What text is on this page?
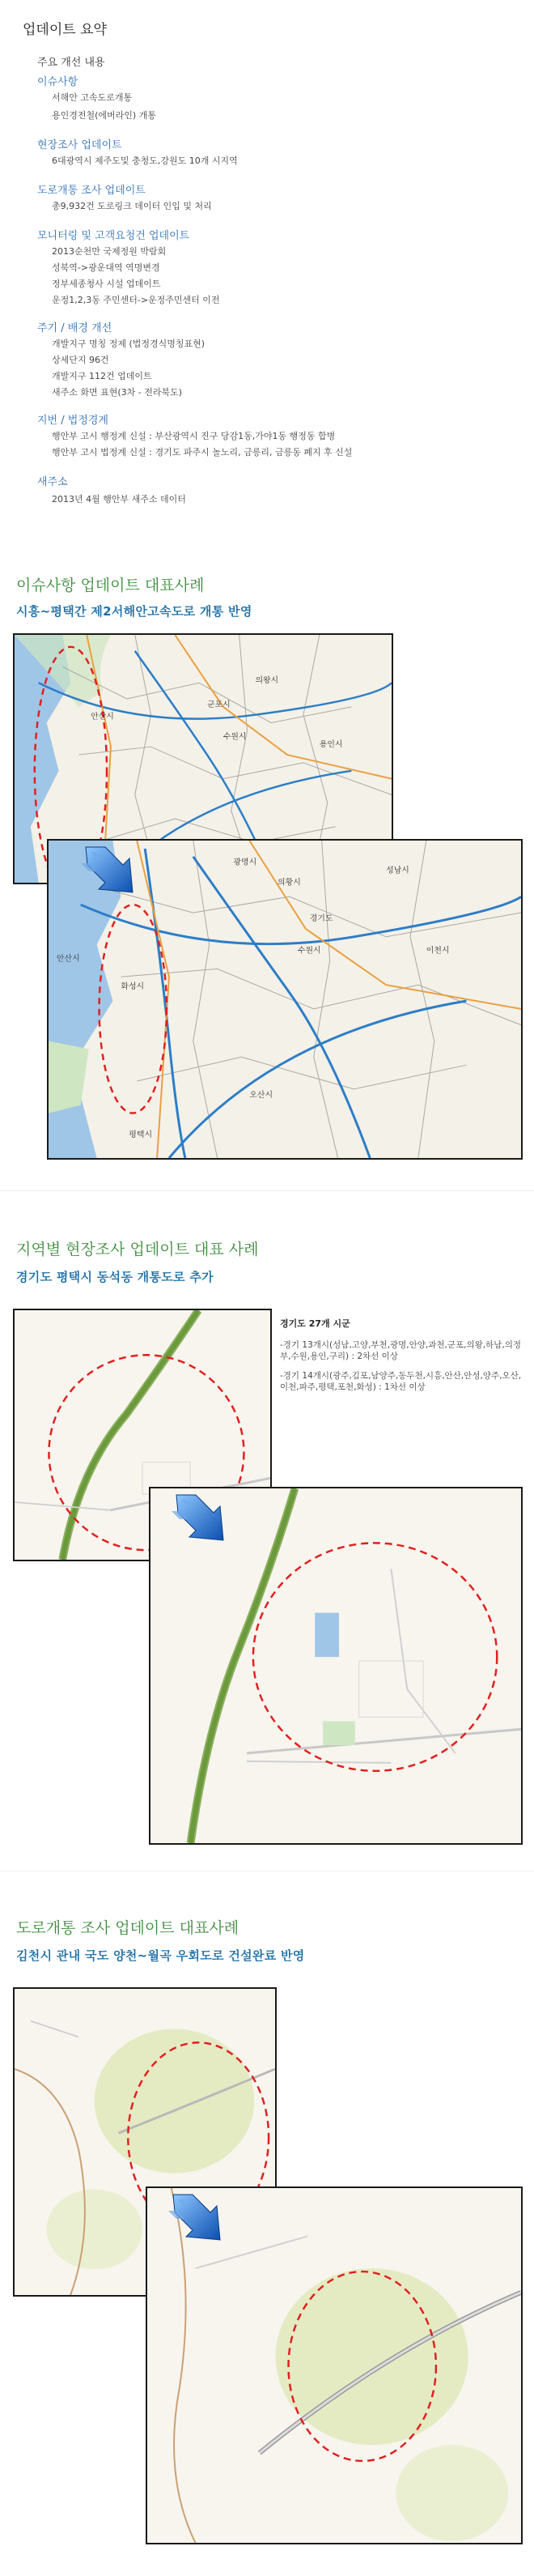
업데이트 요약
주요 개선 내용
이슈사항
서해안 고속도로개통
용인경전철(에버라인) 개통
현장조사 업데이트
6대광역시 제주도및 충청도,강원도 10개 시지역
도로개통 조사 업데이트
총9,932건 도로링크 데이터 인입 및 처리
모니터링 및 고객요청건 업데이트
2013순천만 국제정원 박람회
성북역->광운대역 역명변경
정부세종청사 시설 업데이트
운정1,2,3동 주민센터->운정주민센터 이전
주기 / 배경 개선
개발지구 명칭 정제 (법정경식명칭표현)
상세단지 96건
개발지구 112건 업데이트
새주소 화면 표현(3차 - 전라북도)
지번 / 법정경계
행안부 고시 행정계 신설 : 부산광역시 진구 당감1동,가야1동 행정동 합병
행안부 고시 법정계 신설 : 경기도 파주시 놀노리, 금릉리, 금릉동 폐지 후 신설
새주소
2013년 4월 행안부 새주소 데이터
이슈사항 업데이트 대표사례
시흥~평택간 제2서해안고속도로 개통 반영
안산시
군포시
의왕시
수원시
용인시
경기도
의황시
안산시
이천시
광명시
성남시
수원시
화성시
오산시
평택시
지역별 현장조사 업데이트 대표 사례
경기도 평택시 동석동 개통도로 추가
경기도 27개 시군
-경기 13개시(성남,고양,부천,광명,안양,과천,군포,의왕,하남,의정부,수원,용인,구리) : 2차선 이상
-경기 14개시(광주,김포,남양주,동두천,시흥,안산,안성,양주,오산,이천,파주,평택,포천,화성) : 1차선 이상
도로개통 조사 업데이트 대표사례
김천시 관내 국도 양천~월곡 우회도로 건설완료 반영
